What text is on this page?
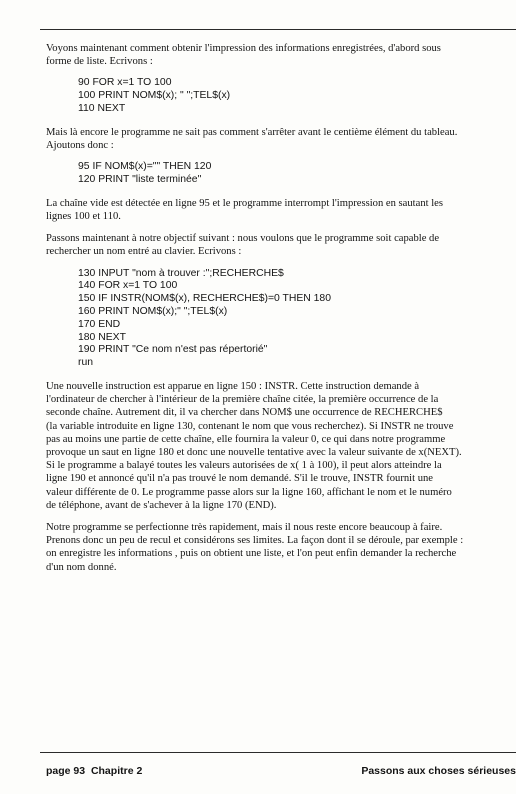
Voyons maintenant comment obtenir l'impression des informations enregistrées, d'abord sous
forme de liste. Ecrivons :

90 FOR x=1 TO 100
100 PRINT NOM$(x); " ";TEL$(x)
110 NEXT

Mais là encore le programme ne sait pas comment s'arrêter avant le centième élément du tableau.
Ajoutons donc :

95 IF NOM$(x)="" THEN 120
120 PRINT "liste terminée"

La chaîne vide est détectée en ligne 95 et le programme interrompt l'impression en sautant les
lignes 100 et 110.

Passons maintenant à notre objectif suivant : nous voulons que le programme soit capable de
rechercher un nom entré au clavier. Ecrivons :

130 INPUT "nom à trouver :";RECHERCHE$
140 FOR x=1 TO 100
150 IF INSTR(NOM$(x), RECHERCHE$)=0 THEN 180
160 PRINT NOM$(x);" ";TEL$(x)
170 END
180 NEXT
190 PRINT "Ce nom n'est pas répertorié"
run

Une nouvelle instruction est apparue en ligne 150 : INSTR. Cette instruction demande à
l'ordinateur de chercher à l'intérieur de la première chaîne citée, la première occurrence de la
seconde chaîne. Autrement dit, il va chercher dans NOM$ une occurrence de RECHERCHE$
(la variable introduite en ligne 130, contenant le nom que vous recherchez). Si INSTR ne trouve
pas au moins une partie de cette chaîne, elle fournira la valeur 0, ce qui dans notre programme
provoque un saut en ligne 180 et donc une nouvelle tentative avec la valeur suivante de x(NEXT).
Si le programme a balayé toutes les valeurs autorisées de x( 1 à 100), il peut alors atteindre la
ligne 190 et annoncé qu'il n'a pas trouvé le nom demandé. S'il le trouve, INSTR fournit une
valeur différente de 0. Le programme passe alors sur la ligne 160, affichant le nom et le numéro
de téléphone, avant de s'achever à la ligne 170 (END).

Notre programme se perfectionne très rapidement, mais il nous reste encore beaucoup à faire.
Prenons donc un peu de recul et considérons ses limites. La façon dont il se déroule, par exemple :
on enregistre les informations , puis on obtient une liste, et l'on peut enfin demander la recherche
d'un nom donné.

page 93  Chapitre 2	Passons aux choses sérieuses
